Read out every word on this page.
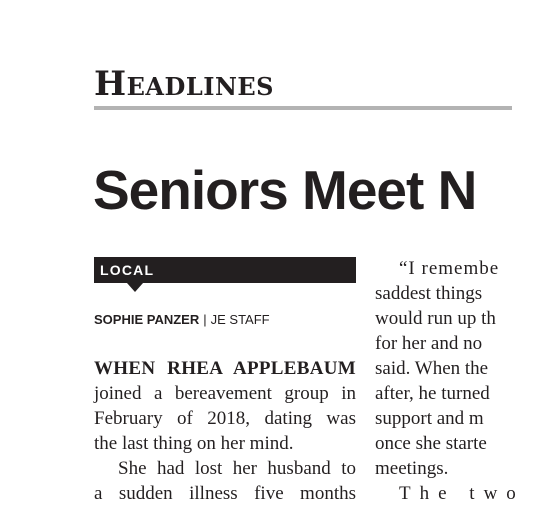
Headlines
Seniors Meet N
LOCAL
SOPHIE PANZER | JE STAFF
WHEN RHEA APPLEBAUM
joined a bereavement group in
February of 2018, dating was
the last thing on her mind.
She had lost her husband to
a sudden illness five months
“I remembe
saddest things
would run up th
for her and no
said. When the
after, he turned
support and m
once she starte
meetings.
The two
